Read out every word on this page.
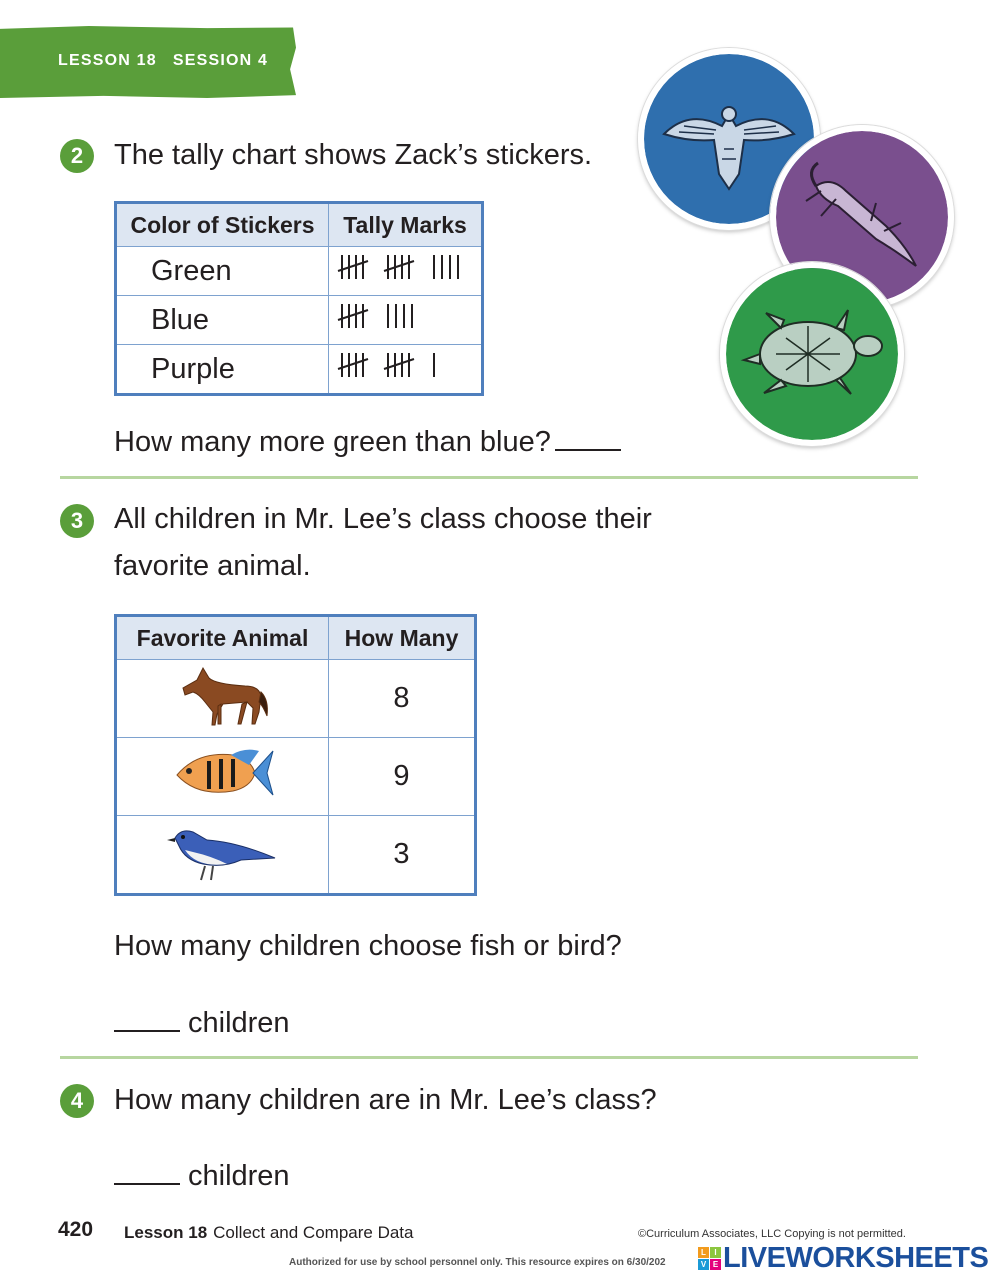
LESSON 18 SESSION 4
2	The tally chart shows Zack’s stickers.
Color of Stickers	Tally Marks
Green	
Blue	
Purple	
How many more green than blue?
3	All children in Mr. Lee’s class choose their
favorite animal.
Favorite Animal	How Many
	8
	9
	3
How many children choose fish or bird?
children
4	How many children are in Mr. Lee’s class?
children
420 Lesson 18 Collect and Compare Data	©Curriculum Associates, LLC Copying is not permitted.
Authorized for use by school personnel only. This resource expires on 6/30/202
L	I
V E LIVEWORKSHEETS
